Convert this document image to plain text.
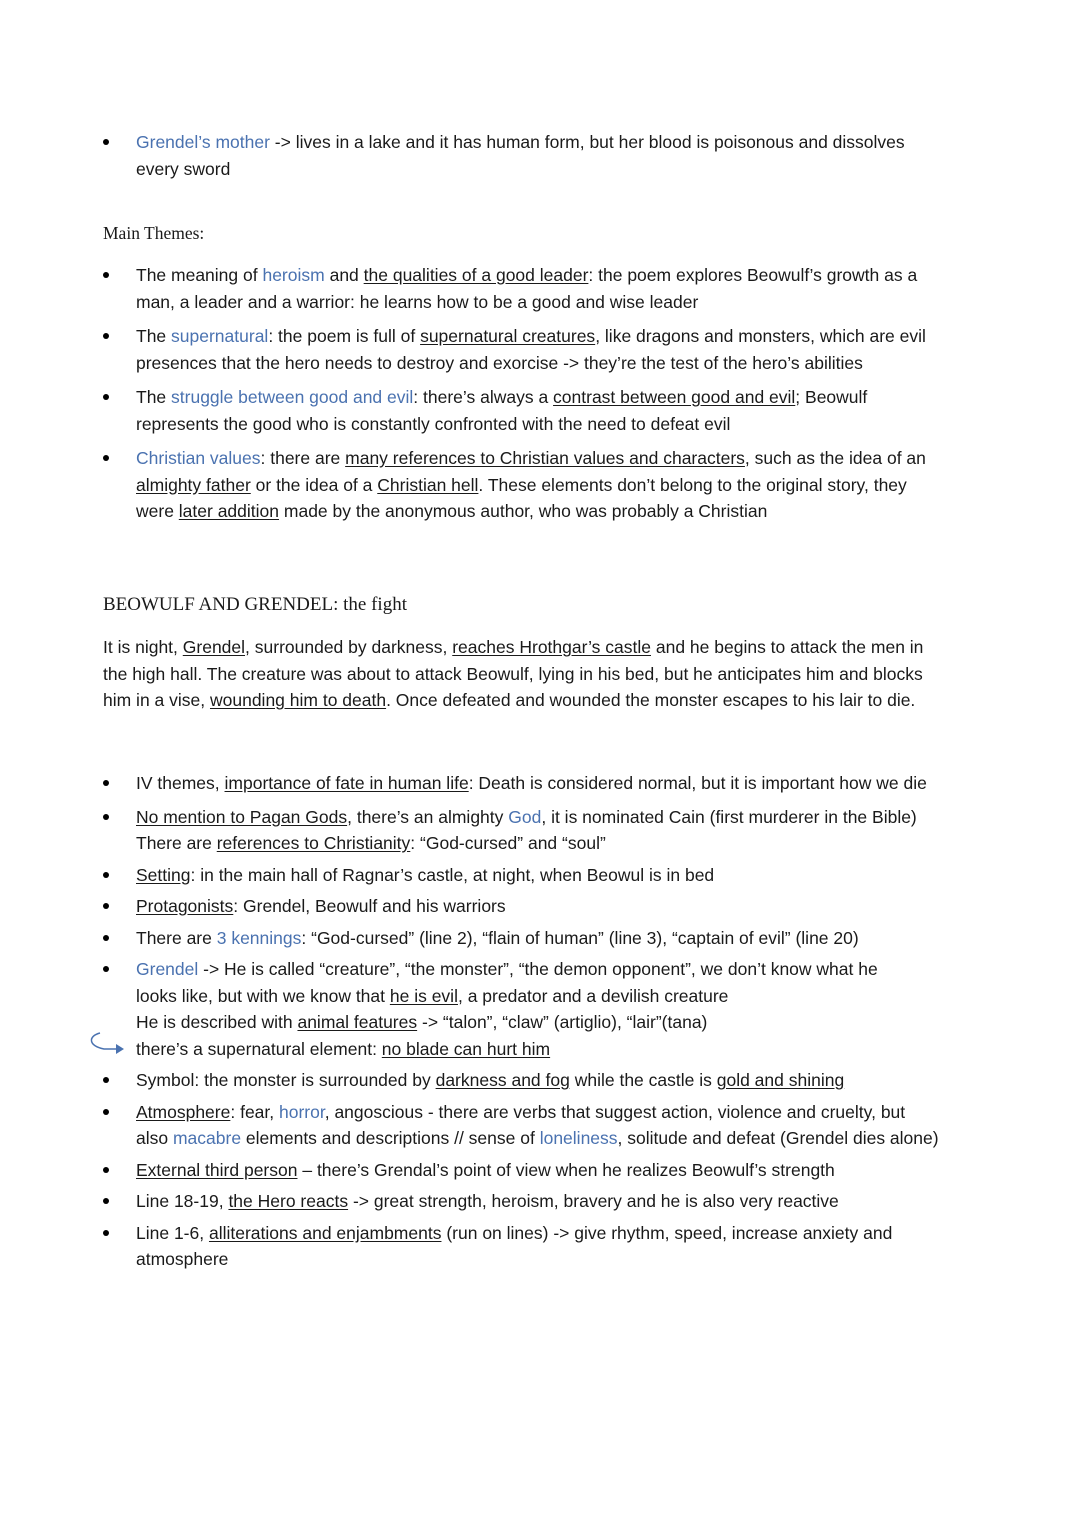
Grendel’s mother -> lives in a lake and it has human form, but her blood is poisonous and dissolves
every sword
Main Themes:
The meaning of heroism and the qualities of a good leader: the poem explores Beowulf’s growth as a
man, a leader and a warrior: he learns how to be a good and wise leader
The supernatural: the poem is full of supernatural creatures, like dragons and monsters, which are evil
presences that the hero needs to destroy and exorcise -> they’re the test of the hero’s abilities
The struggle between good and evil: there’s always a contrast between good and evil; Beowulf
represents the good who is constantly confronted with the need to defeat evil
Christian values: there are many references to Christian values and characters, such as the idea of an
almighty father or the idea of a Christian hell. These elements don’t belong to the original story, they
were later addition made by the anonymous author, who was probably a Christian
BEOWULF AND GRENDEL: the fight
It is night, Grendel, surrounded by darkness, reaches Hrothgar’s castle and he begins to attack the men in
the high hall. The creature was about to attack Beowulf, lying in his bed, but he anticipates him and blocks
him in a vise, wounding him to death. Once defeated and wounded the monster escapes to his lair to die.
IV themes, importance of fate in human life: Death is considered normal, but it is important how we die
No mention to Pagan Gods, there’s an almighty God, it is nominated Cain (first murderer in the Bible)
There are references to Christianity: “God-cursed” and “soul”
Setting: in the main hall of Ragnar’s castle, at night, when Beowul is in bed
Protagonists: Grendel, Beowulf and his warriors
There are 3 kennings: “God-cursed” (line 2), “flain of human” (line 3), “captain of evil” (line 20)
Grendel -> He is called “creature”, “the monster”, “the demon opponent”, we don’t know what he
looks like, but with we know that he is evil, a predator and a devilish creature
He is described with animal features -> “talon”, “claw” (artiglio), “lair”(tana)
there’s a supernatural element: no blade can hurt him
Symbol: the monster is surrounded by darkness and fog while the castle is gold and shining
Atmosphere: fear, horror, angoscious - there are verbs that suggest action, violence and cruelty, but
also macabre elements and descriptions // sense of loneliness, solitude and defeat (Grendel dies alone)
External third person – there’s Grendal’s point of view when he realizes Beowulf’s strength
Line 18-19, the Hero reacts -> great strength, heroism, bravery and he is also very reactive
Line 1-6, alliterations and enjambments (run on lines) -> give rhythm, speed, increase anxiety and
atmosphere
